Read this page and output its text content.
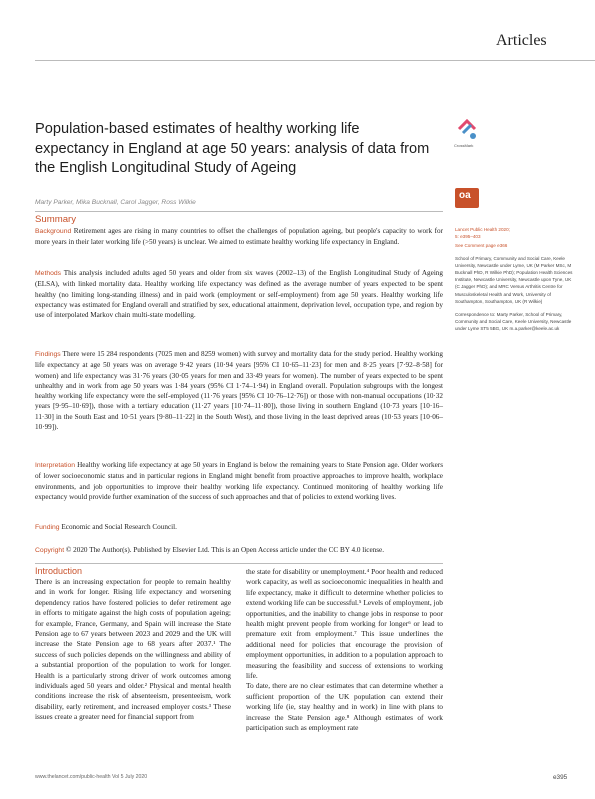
Articles
Population-based estimates of healthy working life expectancy in England at age 50 years: analysis of data from the English Longitudinal Study of Ageing
CrossMark
oa
Marty Parker, Mika Bucknall, Carol Jagger, Ross Wilkie
Summary
Background Retirement ages are rising in many countries to offset the challenges of population ageing, but people's capacity to work for more years in their later working life (>50 years) is unclear. We aimed to estimate healthy working life expectancy in England.
Methods This analysis included adults aged 50 years and older from six waves (2002–13) of the English Longitudinal Study of Ageing (ELSA), with linked mortality data. Healthy working life expectancy was defined as the average number of years expected to be spent healthy (no limiting long-standing illness) and in paid work (employment or self-employment) from age 50 years. Healthy working life expectancy was estimated for England overall and stratified by sex, educational attainment, deprivation level, occupation type, and region by use of interpolated Markov chain multi-state modelling.
Findings There were 15 284 respondents (7025 men and 8259 women) with survey and mortality data for the study period. Healthy working life expectancy at age 50 years was on average 9·42 years (10·94 years [95% CI 10·65–11·23] for men and 8·25 years [7·92–8·58] for women) and life expectancy was 31·76 years (30·05 years for men and 33·49 years for women). The number of years expected to be spent unhealthy and in work from age 50 years was 1·84 years (95% CI 1·74–1·94) in England overall. Population subgroups with the longest healthy working life expectancy were the self-employed (11·76 years [95% CI 10·76–12·76]) or those with non-manual occupations (10·32 years [9·95–10·69]), those with a tertiary education (11·27 years [10·74–11·80]), those living in southern England (10·73 years [10·16–11·30] in the South East and 10·51 years [9·80–11·22] in the South West), and those living in the least deprived areas (10·53 years [10·06–10·99]).
Interpretation Healthy working life expectancy at age 50 years in England is below the remaining years to State Pension age. Older workers of lower socioeconomic status and in particular regions in England might benefit from proactive approaches to improve health, workplace environments, and job opportunities to improve their healthy working life expectancy. Continued monitoring of healthy working life expectancy would provide further examination of the success of such approaches and that of policies to extend working lives.
Funding Economic and Social Research Council.
Copyright © 2020 The Author(s). Published by Elsevier Ltd. This is an Open Access article under the CC BY 4.0 license.

Lancet Public Health 2020;

5: e395–403

See Comment page e366

School of Primary, Community and Social Care, Keele University, Newcastle under Lyme, UK (M Parker MSc, M Bucknall PhD, R Wilkie PhD); Population Health Sciences Institute, Newcastle University, Newcastle upon Tyne, UK (C Jagger PhD); and MRC Versus Arthritis Centre for Musculoskeletal Health and Work, University of Southampton, Southampton, UK (R Wilkie)

Correspondence to: Marty Parker, School of Primary, Community and Social Care, Keele University, Newcastle under Lyme ST5 5BG, UK m.a.parker@keele.ac.uk

Introduction
There is an increasing expectation for people to remain healthy and in work for longer. Rising life expectancy and worsening dependency ratios have fostered policies to defer retirement age in efforts to mitigate against the high costs of population ageing; for example, France, Germany, and Spain will increase the State Pension age to 67 years between 2023 and 2029 and the UK will increase the State Pension age to 68 years after 2037.¹ The success of such policies depends on the willingness and ability of a substantial proportion of the population to work for longer. Health is a particularly strong driver of work outcomes among individuals aged 50 years and older.² Physical and mental health conditions increase the risk of absenteeism, presenteeism, work disability, early retirement, and increased employer costs.³ These issues create a greater need for financial support from
the state for disability or unemployment.⁴ Poor health and reduced work capacity, as well as socioeconomic inequalities in health and life expectancy, make it difficult to determine whether policies to extend working life can be successful.⁵ Levels of employment, job opportunities, and the inability to change jobs in response to poor health might prevent people from working for longer⁶ or lead to premature exit from employment.⁷ This issue underlines the additional need for policies that encourage the provision of employment opportunities, in addition to a population approach to measuring the feasibility and success of extensions to working life.
To date, there are no clear estimates that can determine whether a sufficient proportion of the UK population can extend their working life (ie, stay healthy and in work) in line with plans to increase the State Pension age.⁸ Although estimates of work participation such as employment rate
www.thelancet.com/public-health Vol 5 July 2020	e395
